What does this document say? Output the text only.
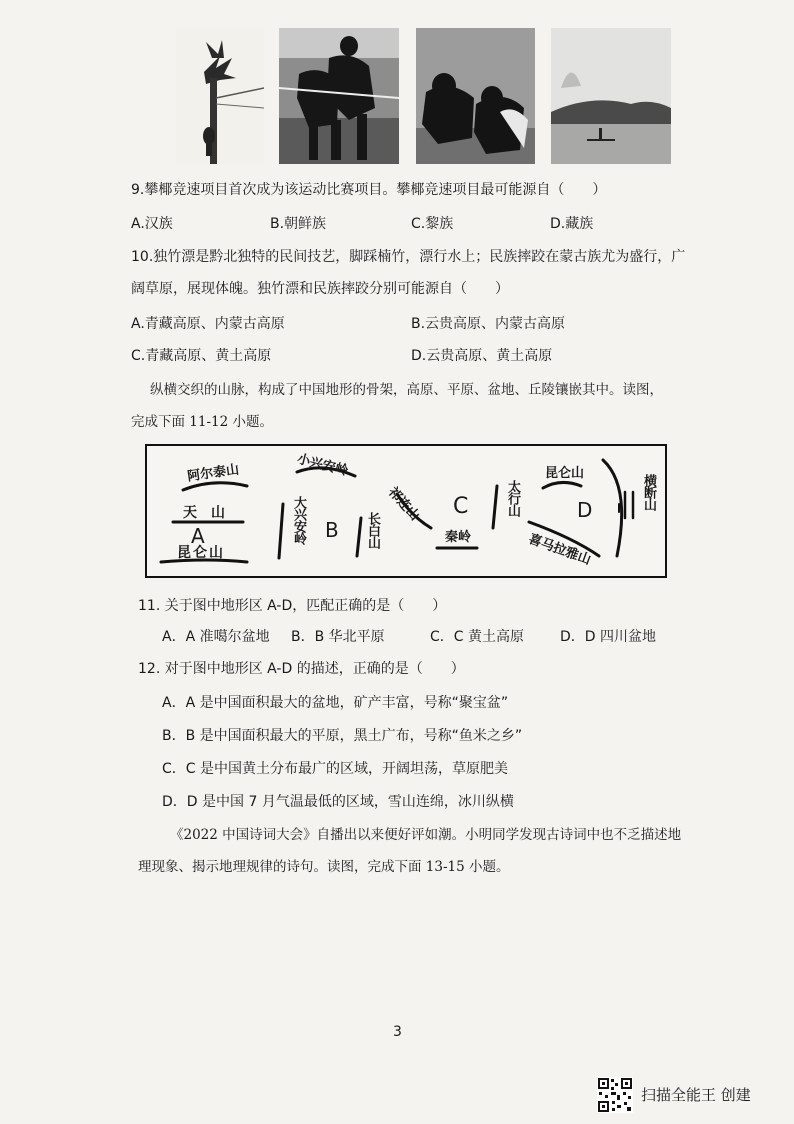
9.攀椰竞速项目首次成为该运动比赛项目。攀椰竞速项目最可能源自（　　）
A.汉族	B.朝鲜族	C.黎族	D.藏族
10.独竹漂是黔北独特的民间技艺，脚踩楠竹，漂行水上；民族摔跤在蒙古族尤为盛行，广
阔草原，展现体魄。独竹漂和民族摔跤分别可能源自（　　）
A.青藏高原、内蒙古高原	B.云贵高原、内蒙古高原
C.青藏高原、黄土高原	D.云贵高原、黄土高原
纵横交织的山脉，构成了中国地形的骨架，高原、平原、盆地、丘陵镶嵌其中。读图，
完成下面 11-12 小题。
阿尔泰山
天　山
A
昆仑山
小兴安岭
大兴安岭 B 长白山
祁连山 C
秦岭
太行山
昆仑山
D	横断山
喜马拉雅山
11. 关于图中地形区 A-D，匹配正确的是（　　）
A．A 准噶尔盆地 B．B 华北平原	C．C 黄土高原	D．D 四川盆地
12. 对于图中地形区 A-D 的描述，正确的是（　　）
A．A 是中国面积最大的盆地，矿产丰富，号称“聚宝盆”
B．B 是中国面积最大的平原，黑土广布，号称“鱼米之乡”
C．C 是中国黄土分布最广的区域，开阔坦荡，草原肥美
D．D 是中国 7 月气温最低的区域，雪山连绵，冰川纵横
《2022 中国诗词大会》自播出以来便好评如潮。小明同学发现古诗词中也不乏描述地
理现象、揭示地理规律的诗句。读图，完成下面 13-15 小题。
3
扫描全能王 创建
